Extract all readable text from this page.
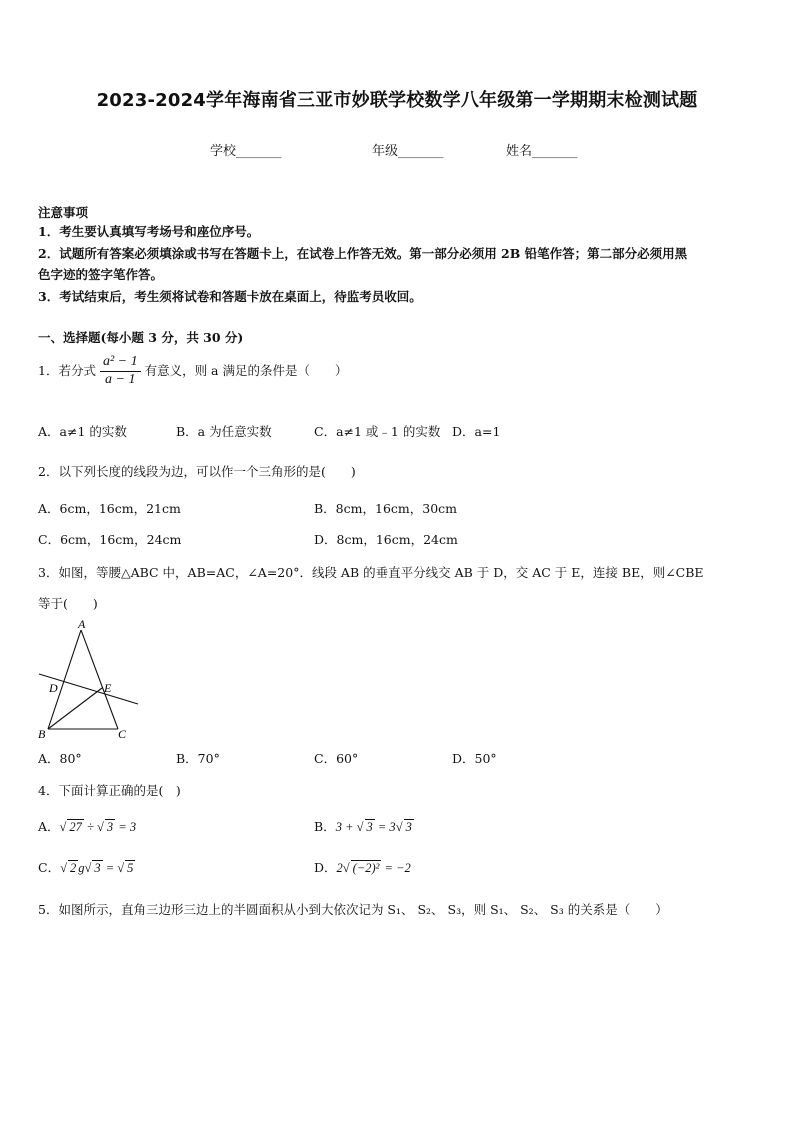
2023-2024学年海南省三亚市妙联学校数学八年级第一学期期末检测试题
学校_______	年级_______	姓名_______
注意事项
1．考生要认真填写考场号和座位序号。
2．试题所有答案必须填涂或书写在答题卡上，在试卷上作答无效。第一部分必须用 2B 铅笔作答；第二部分必须用黑
色字迹的签字笔作答。
3．考试结束后，考生须将试卷和答题卡放在桌面上，待监考员收回。
一、选择题(每小题 3 分，共 30 分)
1．若分式 $\frac{\text{a² − 1}}{a - 1}$ 有意义，则 a 满足的条件是（　　）
A．a≠1 的实数	B．a 为任意实数	C．a≠1 或﹣1 的实数 D．a=1
2．以下列长度的线段为边，可以作一个三角形的是(　　)
A．6cm，16cm，21cm	B．8cm，16cm，30cm
C．6cm，16cm，24cm	D．8cm，16cm，24cm
3．如图，等腰△ABC 中，AB=AC，∠A=20°．线段 AB 的垂直平分线交 AB 于 D，交 AC 于 E，连接 BE，则∠CBE
等于(　　)
A
D	E
B	C
A．80°	B．70°	C．60°	D．50°
4．下面计算正确的是(　)
A．√ 27 ÷ √ 3 = 3	B．3 + √ 3 = 3√ 3
C．√ 2 g√ 3 = √ 5	D．2√ (−2)² = −2
5．如图所示，直角三边形三边上的半圆面积从小到大依次记为 S₁、 S₂、 S₃，则 S₁、 S₂、 S₃ 的关系是（　　）
